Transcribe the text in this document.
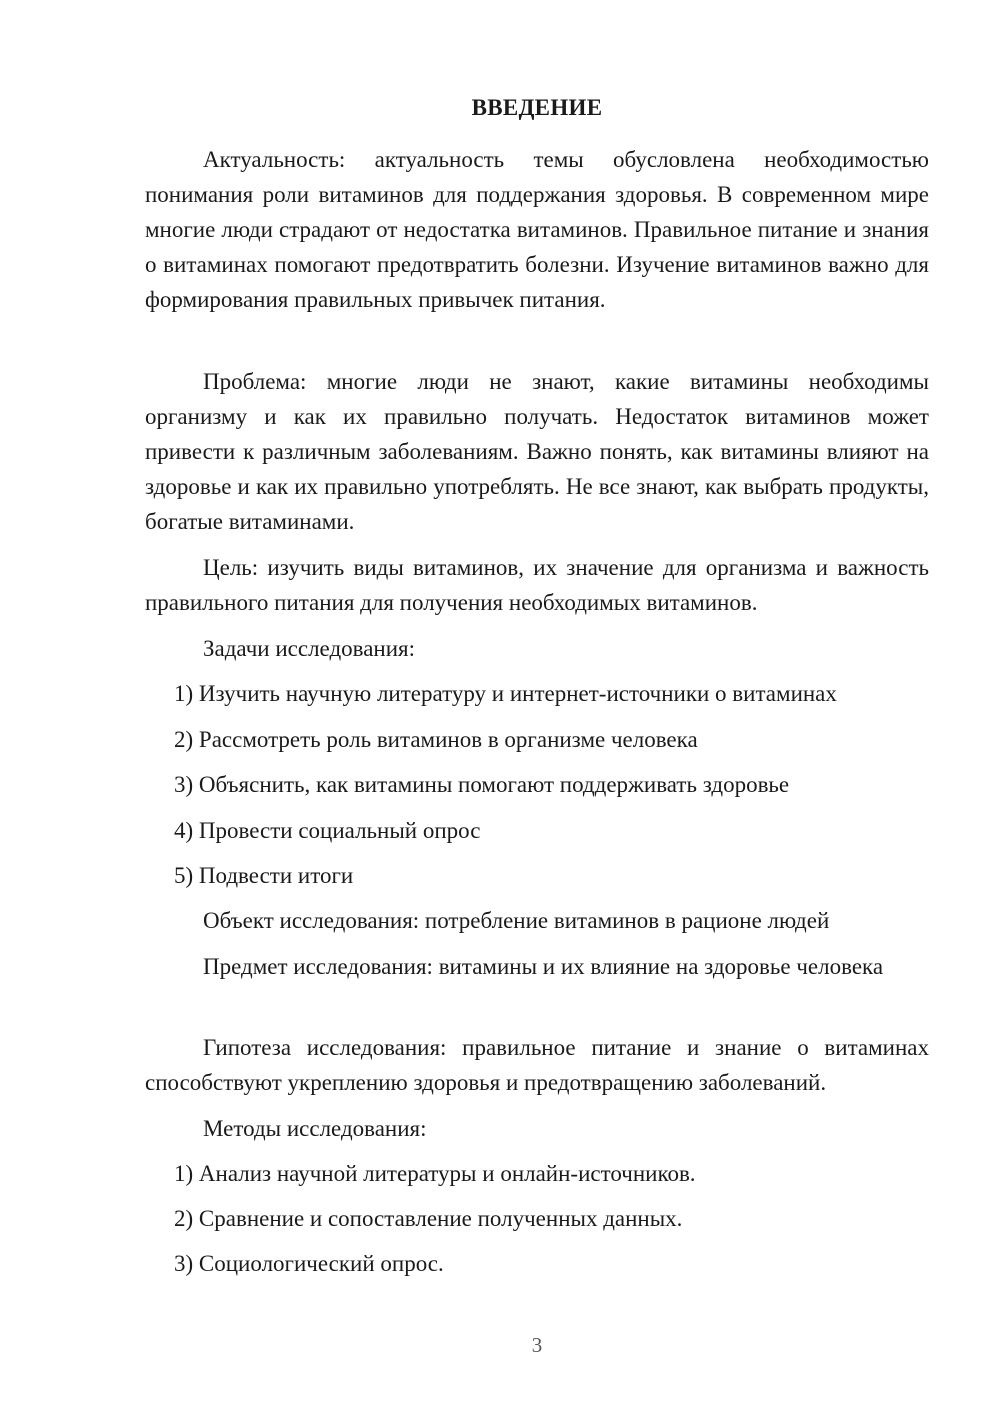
ВВЕДЕНИЕ

Актуальность: актуальность темы обусловлена необходимостью понимания роли витаминов для поддержания здоровья. В современном мире многие люди страдают от недостатка витаминов. Правильное питание и знания о витаминах помогают предотвратить болезни. Изучение витаминов важно для формирования правильных привычек питания.

Проблема: многие люди не знают, какие витамины необходимы организму и как их правильно получать. Недостаток витаминов может привести к различным заболеваниям. Важно понять, как витамины влияют на здоровье и как их правильно употреблять. Не все знают, как выбрать продукты, богатые витаминами.

Цель: изучить виды витаминов, их значение для организма и важность правильного питания для получения необходимых витаминов.

Задачи исследования:

1) Изучить научную литературу и интернет-источники о витаминах

2) Рассмотреть роль витаминов в организме человека

3) Объяснить, как витамины помогают поддерживать здоровье

4) Провести социальный опрос

5) Подвести итоги

Объект исследования: потребление витаминов в рационе людей

Предмет исследования: витамины и их влияние на здоровье человека

Гипотеза исследования: правильное питание и знание о витаминах способствуют укреплению здоровья и предотвращению заболеваний.

Методы исследования:

1) Анализ научной литературы и онлайн-источников.

2) Сравнение и сопоставление полученных данных.

3) Социологический опрос.

3
